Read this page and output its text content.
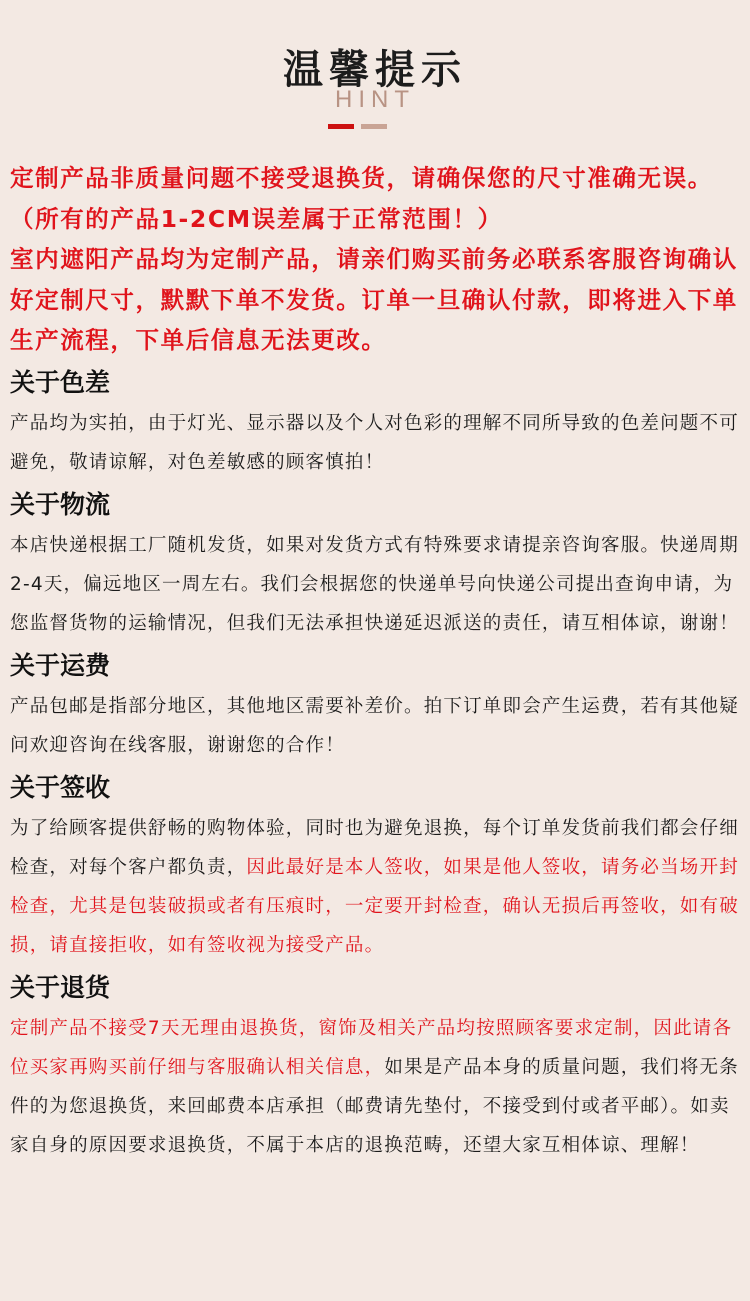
温馨提示
HINT
定制产品非质量问题不接受退换货，请确保您的尺寸准确无误。（所有的产品1-2CM误差属于正常范围！）
室内遮阳产品均为定制产品，请亲们购买前务必联系客服咨询确认好定制尺寸，默默下单不发货。订单一旦确认付款，即将进入下单生产流程，下单后信息无法更改。
关于色差

产品均为实拍，由于灯光、显示器以及个人对色彩的理解不同所导致的色差问题不可避免，敬请谅解，对色差敏感的顾客慎拍！

关于物流

本店快递根据工厂随机发货，如果对发货方式有特殊要求请提亲咨询客服。快递周期2-4天，偏远地区一周左右。我们会根据您的快递单号向快递公司提出查询申请，为您监督货物的运输情况，但我们无法承担快递延迟派送的责任，请互相体谅，谢谢！

关于运费

产品包邮是指部分地区，其他地区需要补差价。拍下订单即会产生运费，若有其他疑问欢迎咨询在线客服，谢谢您的合作！

关于签收

为了给顾客提供舒畅的购物体验，同时也为避免退换，每个订单发货前我们都会仔细检查，对每个客户都负责，因此最好是本人签收，如果是他人签收，请务必当场开封检查，尤其是包装破损或者有压痕时，一定要开封检查，确认无损后再签收，如有破损，请直接拒收，如有签收视为接受产品。

关于退货

定制产品不接受7天无理由退换货，窗饰及相关产品均按照顾客要求定制，因此请各位买家再购买前仔细与客服确认相关信息，如果是产品本身的质量问题，我们将无条件的为您退换货，来回邮费本店承担（邮费请先垫付，不接受到付或者平邮）。如卖家自身的原因要求退换货，不属于本店的退换范畴，还望大家互相体谅、理解！
